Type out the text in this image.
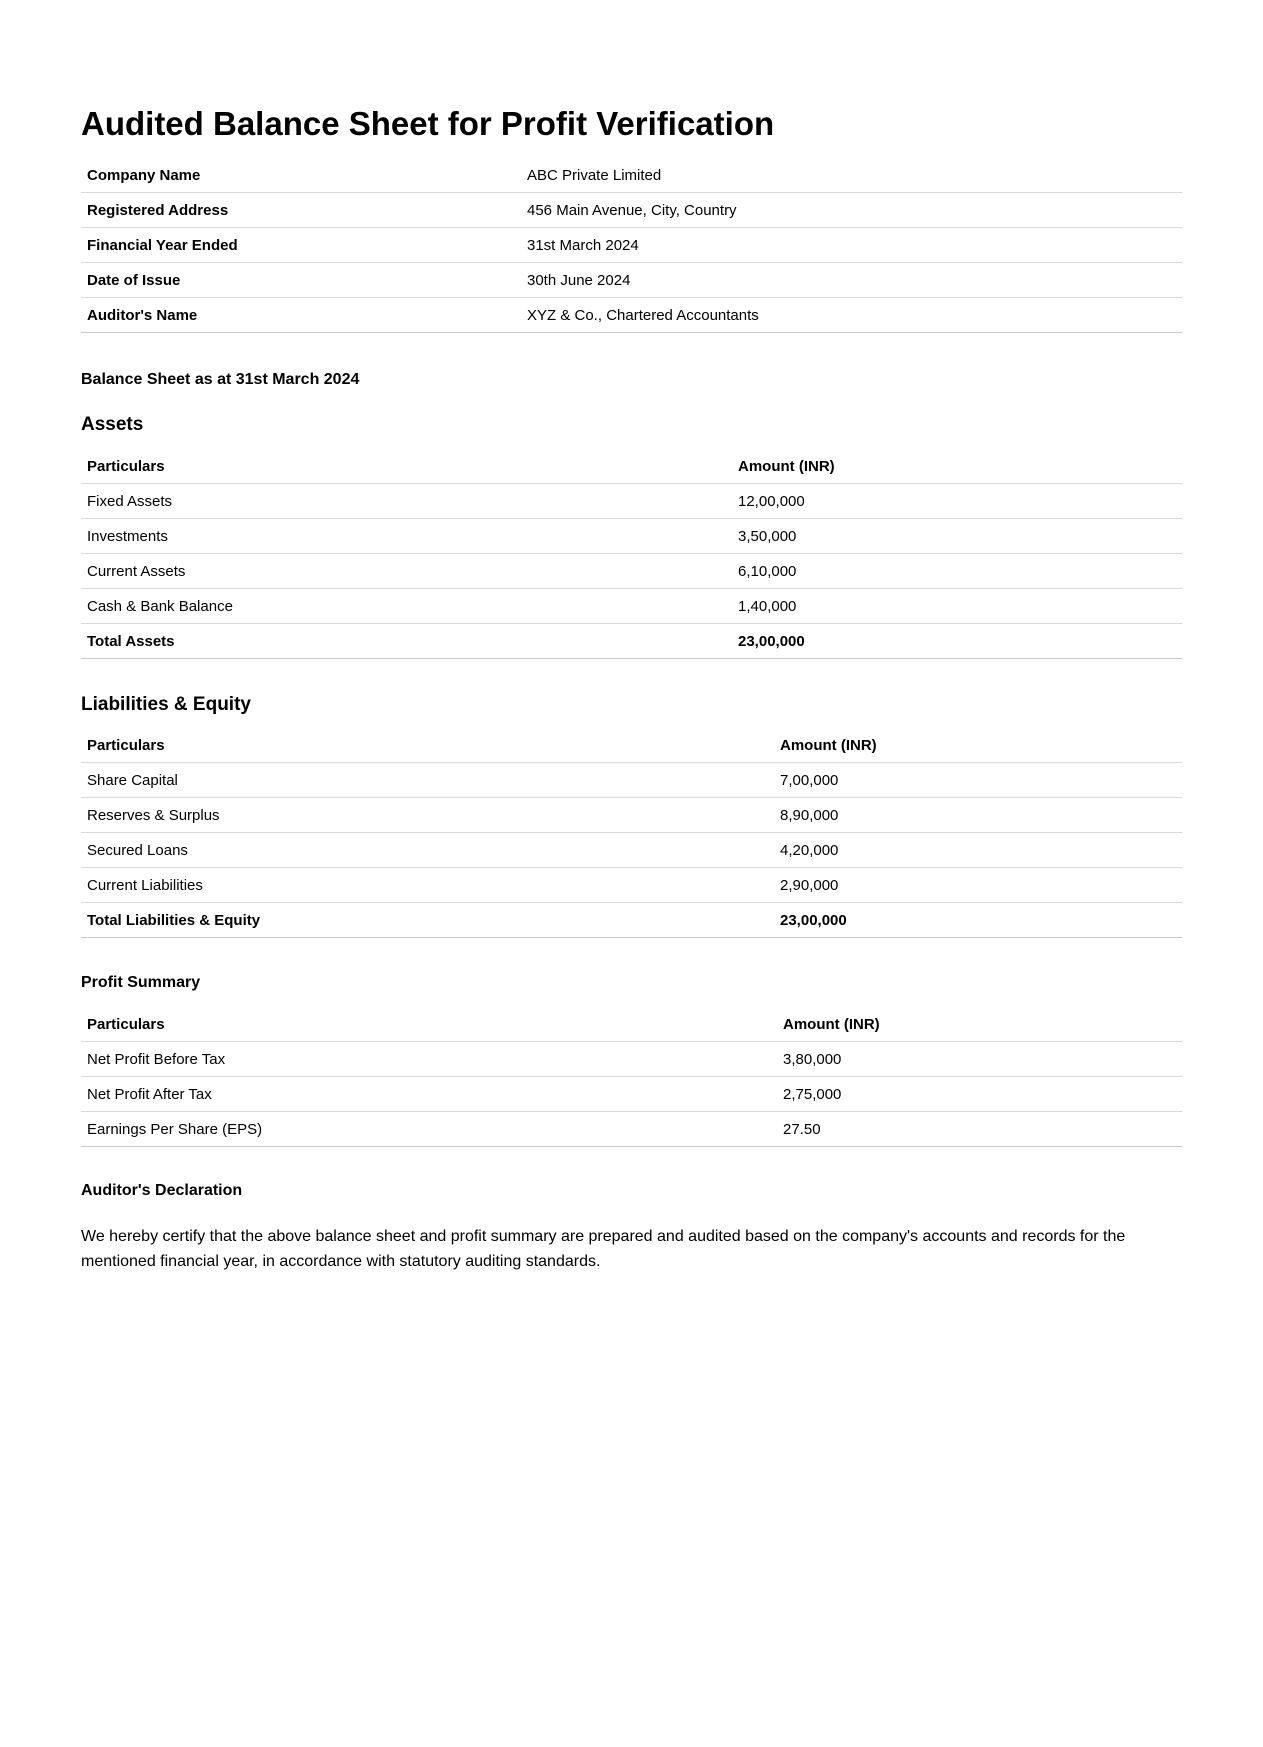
Audited Balance Sheet for Profit Verification
Company Name	ABC Private Limited
Registered Address	456 Main Avenue, City, Country
Financial Year Ended	31st March 2024
Date of Issue	30th June 2024
Auditor's Name	XYZ & Co., Chartered Accountants
Balance Sheet as at 31st March 2024
Assets
Particulars	Amount (INR)
Fixed Assets	12,00,000
Investments	3,50,000
Current Assets	6,10,000
Cash & Bank Balance	1,40,000
Total Assets	23,00,000
Liabilities & Equity
Particulars	Amount (INR)
Share Capital	7,00,000
Reserves & Surplus	8,90,000
Secured Loans	4,20,000
Current Liabilities	2,90,000
Total Liabilities & Equity	23,00,000
Profit Summary
Particulars	Amount (INR)
Net Profit Before Tax	3,80,000
Net Profit After Tax	2,75,000
Earnings Per Share (EPS)	27.50
Auditor's Declaration

We hereby certify that the above balance sheet and profit summary are prepared and audited based on the company's accounts and records for the mentioned financial year, in accordance with statutory auditing standards.
